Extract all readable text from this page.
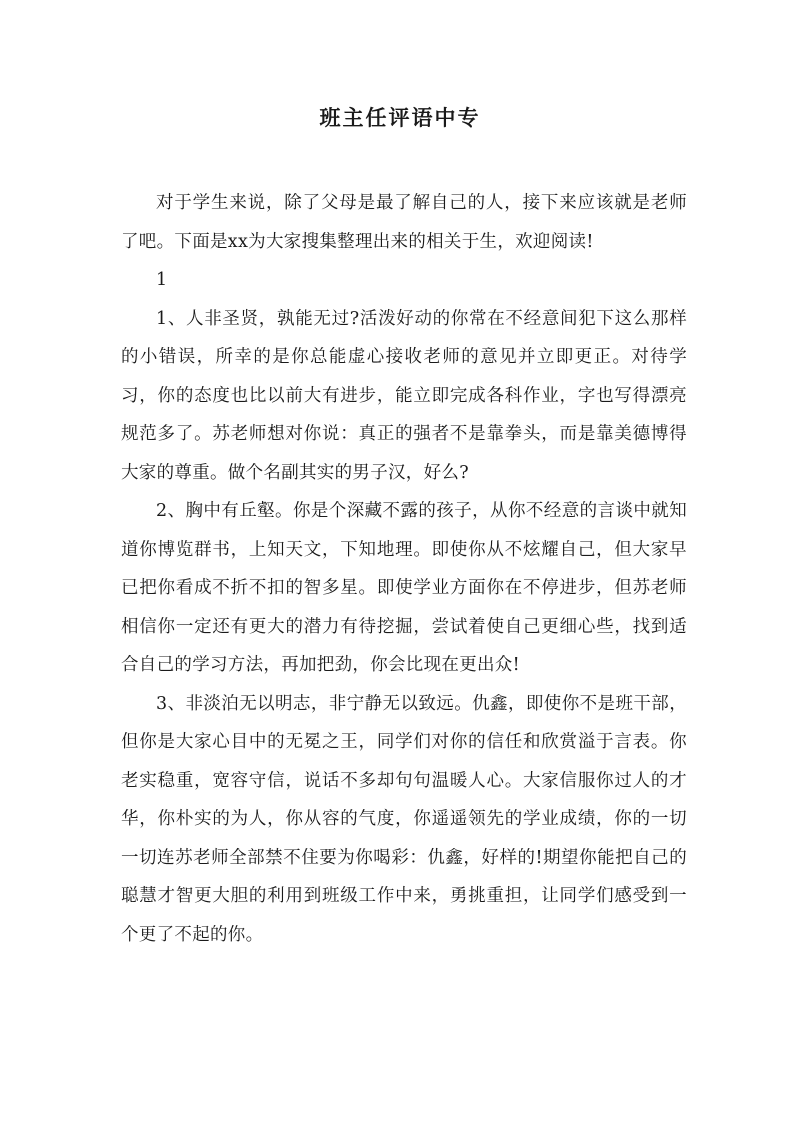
班主任评语中专

对于学生来说，除了父母是最了解自己的人，接下来应该就是老师了吧。下面是xx为大家搜集整理出来的相关于生，欢迎阅读!

1

1、人非圣贤，孰能无过?活泼好动的你常在不经意间犯下这么那样的小错误，所幸的是你总能虚心接收老师的意见并立即更正。对待学习，你的态度也比以前大有进步，能立即完成各科作业，字也写得漂亮规范多了。苏老师想对你说：真正的强者不是靠拳头，而是靠美德博得大家的尊重。做个名副其实的男子汉，好么?

2、胸中有丘壑。你是个深藏不露的孩子，从你不经意的言谈中就知道你博览群书，上知天文，下知地理。即使你从不炫耀自己，但大家早已把你看成不折不扣的智多星。即使学业方面你在不停进步，但苏老师相信你一定还有更大的潜力有待挖掘，尝试着使自己更细心些，找到适合自己的学习方法，再加把劲，你会比现在更出众!

3、非淡泊无以明志，非宁静无以致远。仇鑫，即使你不是班干部，但你是大家心目中的无冕之王，同学们对你的信任和欣赏溢于言表。你老实稳重，宽容守信，说话不多却句句温暖人心。大家信服你过人的才华，你朴实的为人，你从容的气度，你遥遥领先的学业成绩，你的一切一切连苏老师全部禁不住要为你喝彩：仇鑫，好样的!期望你能把自己的聪慧才智更大胆的利用到班级工作中来，勇挑重担，让同学们感受到一个更了不起的你。
